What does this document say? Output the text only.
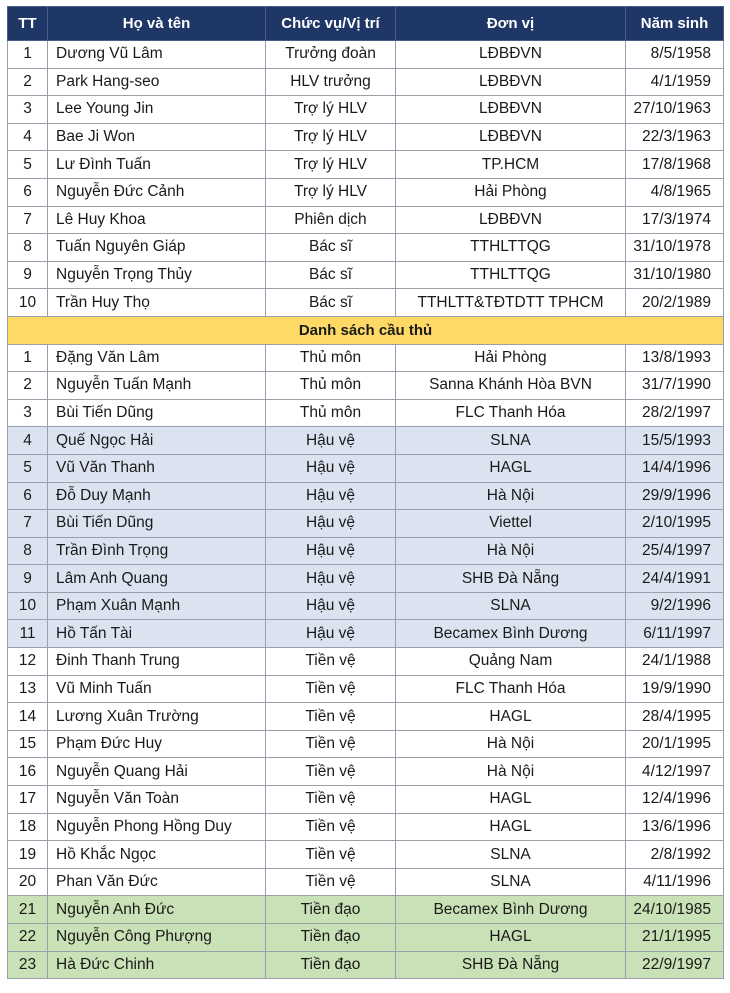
TT	Họ và tên	Chức vụ/Vị trí	Đơn vị	Năm sinh
1	Dương Vũ Lâm	Trưởng đoàn	LĐBĐVN	8/5/1958
2	Park Hang-seo	HLV trưởng	LĐBĐVN	4/1/1959
3	Lee Young Jin	Trợ lý HLV	LĐBĐVN	27/10/1963
4	Bae Ji Won	Trợ lý HLV	LĐBĐVN	22/3/1963
5	Lư Đình Tuấn	Trợ lý HLV	TP.HCM	17/8/1968
6	Nguyễn Đức Cảnh	Trợ lý HLV	Hải Phòng	4/8/1965
7	Lê Huy Khoa	Phiên dịch	LĐBĐVN	17/3/1974
8	Tuấn Nguyên Giáp	Bác sĩ	TTHLTTQG	31/10/1978
9	Nguyễn Trọng Thủy	Bác sĩ	TTHLTTQG	31/10/1980
10	Trần Huy Thọ	Bác sĩ	TTHLTT&TĐTDTT TPHCM	20/2/1989
Danh sách cầu thủ				
1	Đặng Văn Lâm	Thủ môn	Hải Phòng	13/8/1993
2	Nguyễn Tuấn Mạnh	Thủ môn	Sanna Khánh Hòa BVN	31/7/1990
3	Bùi Tiến Dũng	Thủ môn	FLC Thanh Hóa	28/2/1997
4	Quế Ngọc Hải	Hậu vệ	SLNA	15/5/1993
5	Vũ Văn Thanh	Hậu vệ	HAGL	14/4/1996
6	Đỗ Duy Mạnh	Hậu vệ	Hà Nội	29/9/1996
7	Bùi Tiến Dũng	Hậu vệ	Viettel	2/10/1995
8	Trần Đình Trọng	Hậu vệ	Hà Nội	25/4/1997
9	Lâm Anh Quang	Hậu vệ	SHB Đà Nẵng	24/4/1991
10	Phạm Xuân Mạnh	Hậu vệ	SLNA	9/2/1996
11	Hồ Tấn Tài	Hậu vệ	Becamex Bình Dương	6/11/1997
12	Đinh Thanh Trung	Tiền vệ	Quảng Nam	24/1/1988
13	Vũ Minh Tuấn	Tiền vệ	FLC Thanh Hóa	19/9/1990
14	Lương Xuân Trường	Tiền vệ	HAGL	28/4/1995
15	Phạm Đức Huy	Tiền vệ	Hà Nội	20/1/1995
16	Nguyễn Quang Hải	Tiền vệ	Hà Nội	4/12/1997
17	Nguyễn Văn Toàn	Tiền vệ	HAGL	12/4/1996
18	Nguyễn Phong Hồng Duy	Tiền vệ	HAGL	13/6/1996
19	Hồ Khắc Ngọc	Tiền vệ	SLNA	2/8/1992
20	Phan Văn Đức	Tiền vệ	SLNA	4/11/1996
21	Nguyễn Anh Đức	Tiền đạo	Becamex Bình Dương	24/10/1985
22	Nguyễn Công Phượng	Tiền đạo	HAGL	21/1/1995
23	Hà Đức Chinh	Tiền đạo	SHB Đà Nẵng	22/9/1997
